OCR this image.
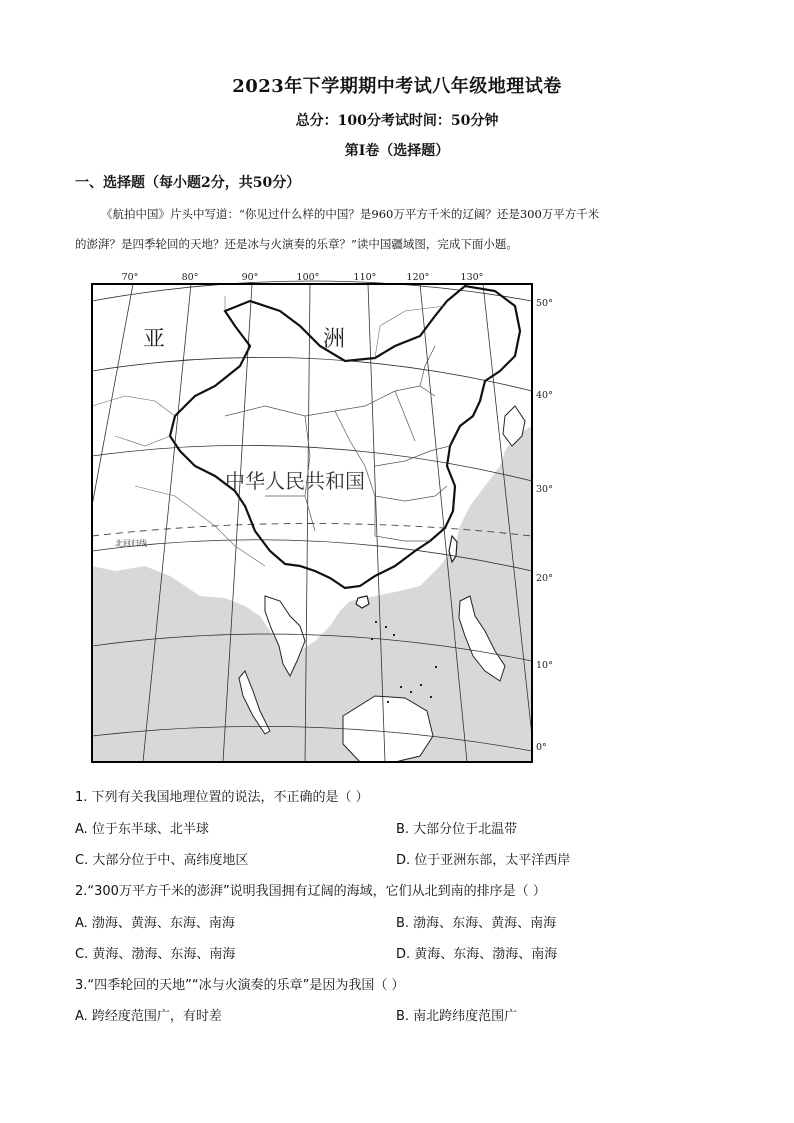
2023年下学期期中考试八年级地理试卷
总分：100分考试时间：50分钟
第Ⅰ卷（选择题）
一、选择题（每小题2分，共50分）
《航拍中国》片头中写道：“你见过什么样的中国？是960万平方千米的辽阔？还是300万平方千米
的澎湃？是四季轮回的天地？还是冰与火演奏的乐章？”读中国疆域图，完成下面小题。
70°	80°	90°	100°	110°	120°	130°
50°
40°
30°
20°
10°
0°
亚	洲
中华人民共和国
北回归线
1. 下列有关我国地理位置的说法，不正确的是（ ）
A. 位于东半球、北半球	B. 大部分位于北温带
C. 大部分位于中、高纬度地区	D. 位于亚洲东部，太平洋西岸
2.“300万平方千米的澎湃”说明我国拥有辽阔的海域，它们从北到南的排序是（ ）
A. 渤海、黄海、东海、南海	B. 渤海、东海、黄海、南海
C. 黄海、渤海、东海、南海	D. 黄海、东海、渤海、南海
3.“四季轮回的天地”“冰与火演奏的乐章”是因为我国（ ）
A. 跨经度范围广，有时差	B. 南北跨纬度范围广
